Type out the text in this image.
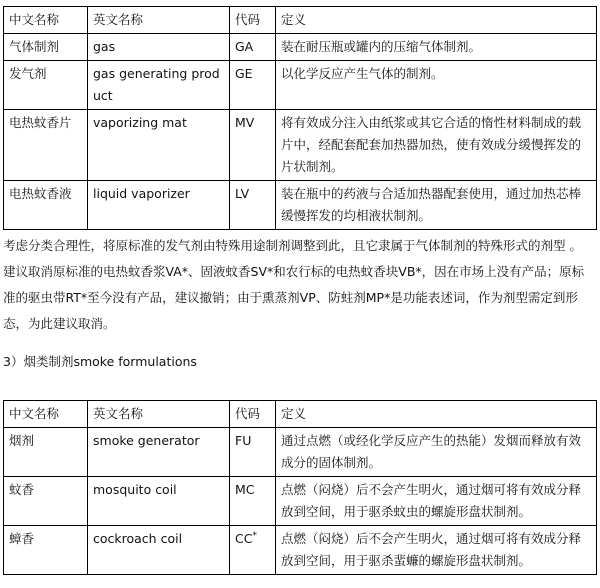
中文名称	英文名称	代码	定义
气体制剂	gas	GA	装在耐压瓶或罐内的压缩气体制剂。
发气剂	gas generating product	GE	以化学反应产生气体的制剂。
电热蚊香片	vaporizing mat	MV	将有效成分注入由纸浆或其它合适的惰性材料制成的载片中，经配套配套加热器加热，使有效成分缓慢挥发的片状制剂。
电热蚊香液	liquid vaporizer	LV	装在瓶中的药液与合适加热器配套使用，通过加热芯棒缓慢挥发的均相液状制剂。

考虑分类合理性，将原标准的发气剂由特殊用途制剂调整到此，且它隶属于气体制剂的特殊形式的剂型 。建议取消原标准的电热蚊香浆VA*、固液蚊香SV*和农行标的电热蚊香块VB*，因在市场上没有产品；原标准的驱虫带RT*至今没有产品，建议撤销；由于熏蒸剂VP、防蛀剂MP*是功能表述词，作为剂型需定到形态，为此建议取消。

3）烟类制剂smoke formulations

中文名称	英文名称	代码	定义
烟剂	smoke generator	FU	通过点燃（或经化学反应产生的热能）发烟而释放有效成分的固体制剂。
蚊香	mosquito coil	MC	点燃（闷烧）后不会产生明火，通过烟可将有效成分释放到空间，用于驱杀蚊虫的螺旋形盘状制剂。
蟑香	cockroach coil	CC*	点燃（闷烧）后不会产生明火，通过烟可将有效成分释放到空间，用于驱杀蜚蠊的螺旋形盘状制剂。
